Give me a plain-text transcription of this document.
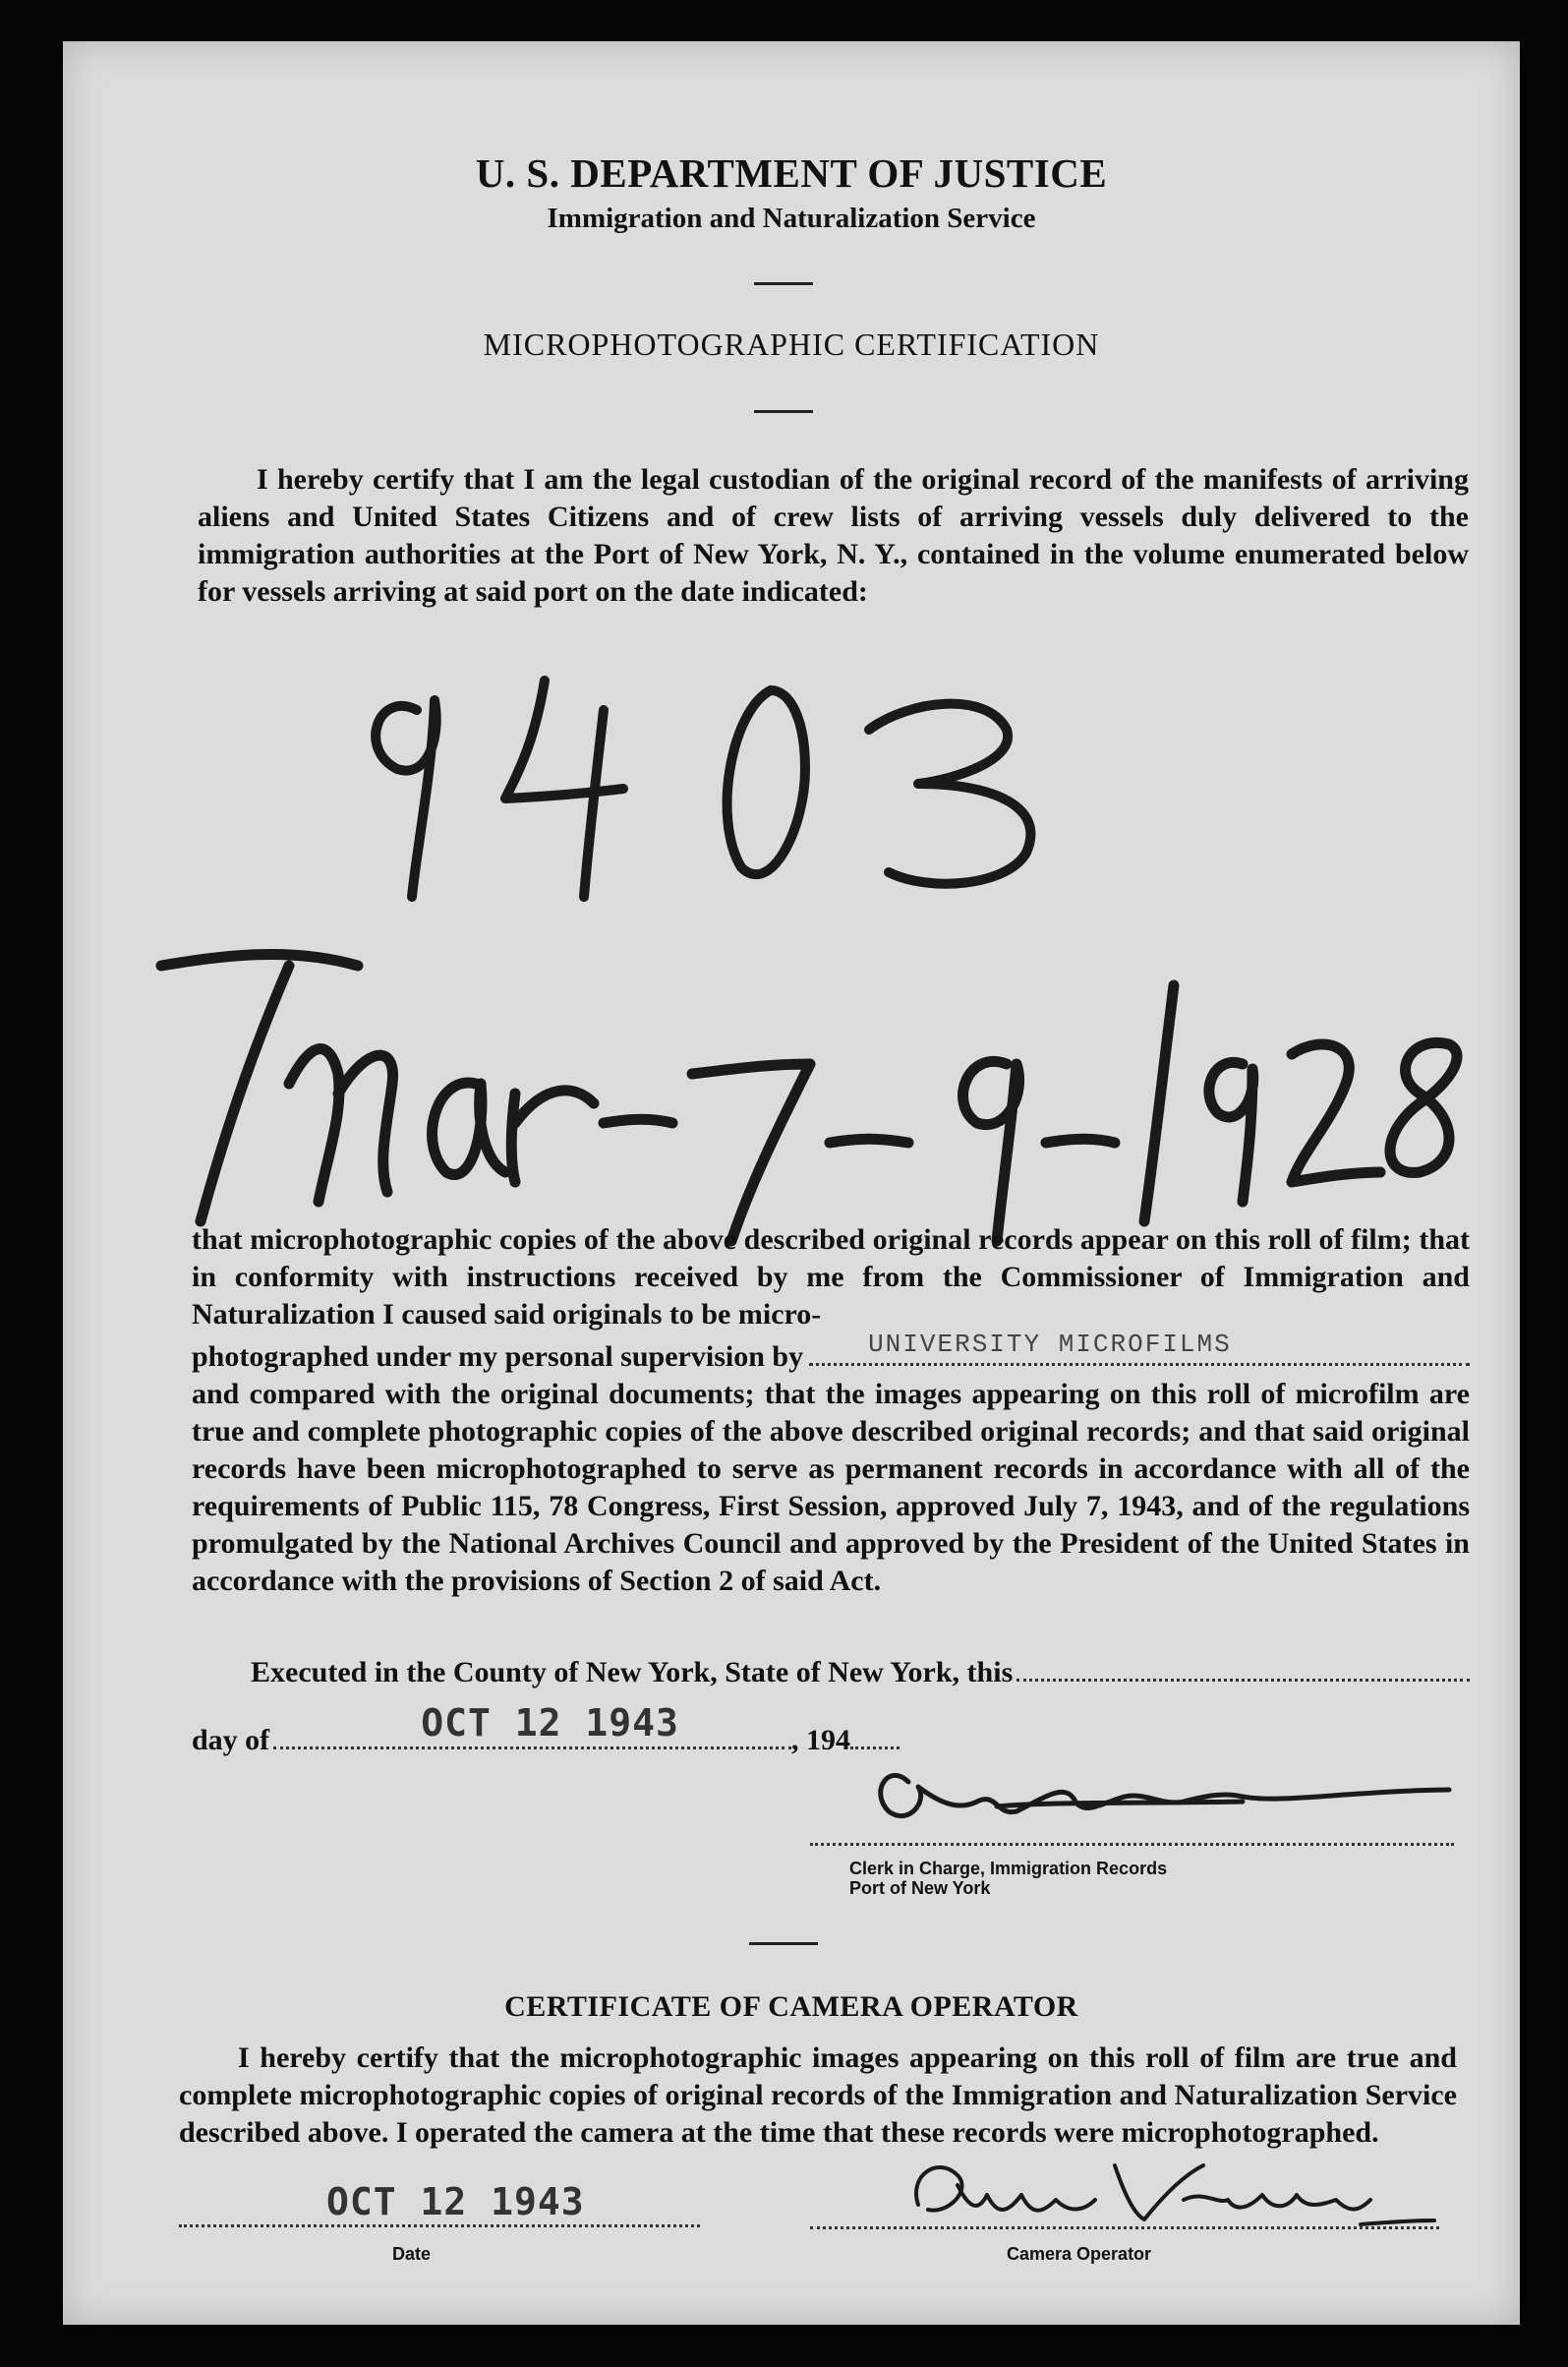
U. S. DEPARTMENT OF JUSTICE
Immigration and Naturalization Service
MICROPHOTOGRAPHIC CERTIFICATION

I hereby certify that I am the legal custodian of the original record of the manifests of arriving aliens and United States Citizens and of crew lists of arriving vessels duly delivered to the immigration authorities at the Port of New York, N. Y., contained in the volume enumerated below for vessels arriving at said port on the date indicated:

that microphotographic copies of the above described original records appear on this roll of film; that in conformity with instructions received by me from the Commissioner of Immigration and Naturalization I caused said originals to be micro-

photographed under my personal supervision by	UNIVERSITY MICROFILMS

and compared with the original documents; that the images appearing on this roll of microfilm are true and complete photographic copies of the above described original records; and that said original records have been microphotographed to serve as permanent records in accordance with all of the requirements of Public 115, 78 Congress, First Session, approved July 7, 1943, and of the regulations promulgated by the National Archives Council and approved by the President of the United States in accordance with the provisions of Section 2 of said Act.

Executed in the County of New York, State of New York, this

day of	OCT 12 1943	, 194
Clerk in Charge, Immigration Records
Port of New York
CERTIFICATE OF CAMERA OPERATOR

I hereby certify that the microphotographic images appearing on this roll of film are true and complete microphotographic copies of original records of the Immigration and Naturalization Service described above. I operated the camera at the time that these records were microphotographed.

OCT 12 1943
Date	Camera Operator
